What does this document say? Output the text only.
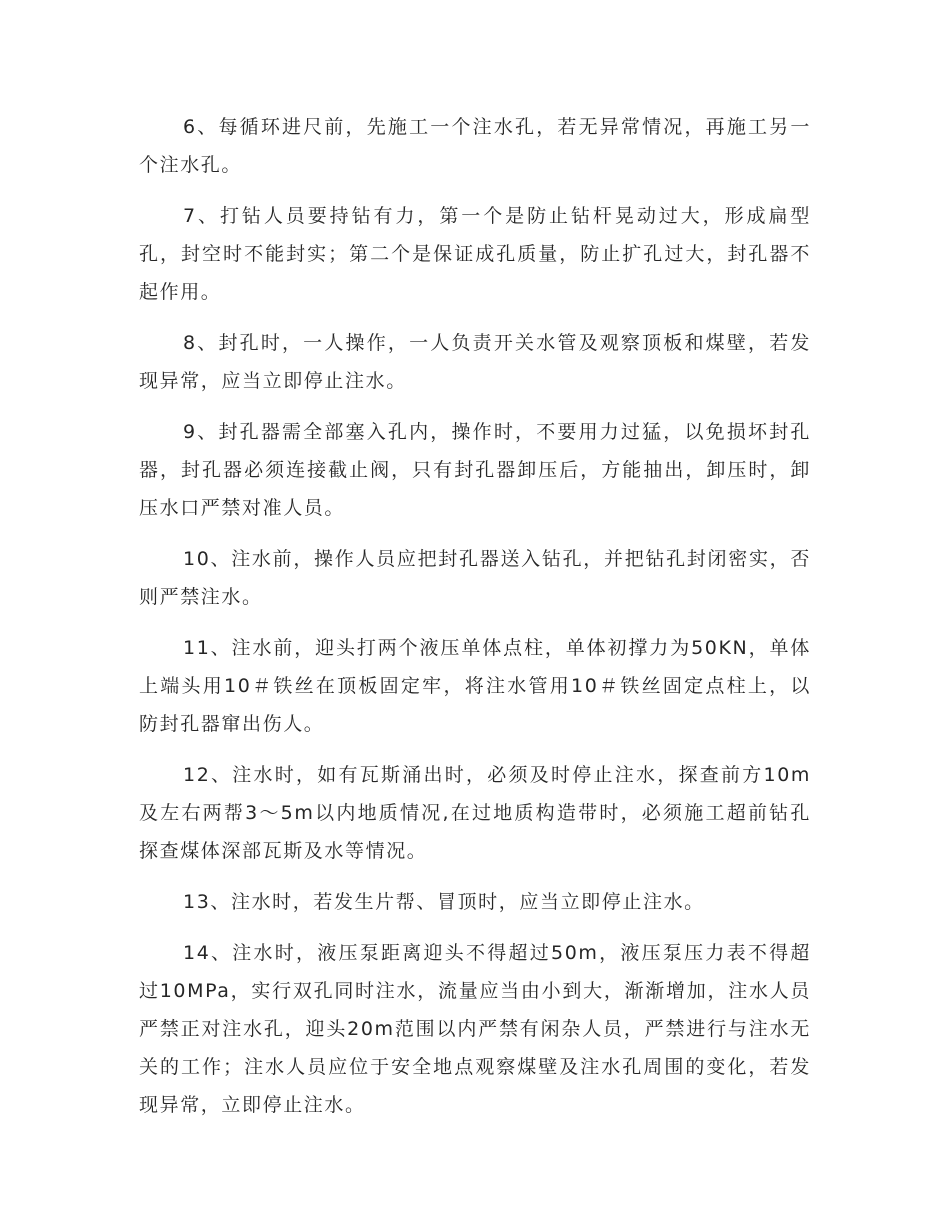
6、每循环进尺前，先施工一个注水孔，若无异常情况，再施工另一个注水孔。

7、打钻人员要持钻有力，第一个是防止钻杆晃动过大，形成扁型孔，封空时不能封实；第二个是保证成孔质量，防止扩孔过大，封孔器不起作用。

8、封孔时，一人操作，一人负责开关水管及观察顶板和煤壁，若发现异常，应当立即停止注水。

9、封孔器需全部塞入孔内，操作时，不要用力过猛，以免损坏封孔器，封孔器必须连接截止阀，只有封孔器卸压后，方能抽出，卸压时，卸压水口严禁对准人员。

10、注水前，操作人员应把封孔器送入钻孔，并把钻孔封闭密实，否则严禁注水。

11、注水前，迎头打两个液压单体点柱，单体初撑力为50KN，单体上端头用10＃铁丝在顶板固定牢，将注水管用10＃铁丝固定点柱上，以防封孔器窜出伤人。

12、注水时，如有瓦斯涌出时，必须及时停止注水，探查前方10m及左右两帮3～5m以内地质情况,在过地质构造带时，必须施工超前钻孔探查煤体深部瓦斯及水等情况。

13、注水时，若发生片帮、冒顶时，应当立即停止注水。

14、注水时，液压泵距离迎头不得超过50m，液压泵压力表不得超过10MPa，实行双孔同时注水，流量应当由小到大，渐渐增加，注水人员严禁正对注水孔，迎头20m范围以内严禁有闲杂人员，严禁进行与注水无关的工作；注水人员应位于安全地点观察煤壁及注水孔周围的变化，若发现异常，立即停止注水。
